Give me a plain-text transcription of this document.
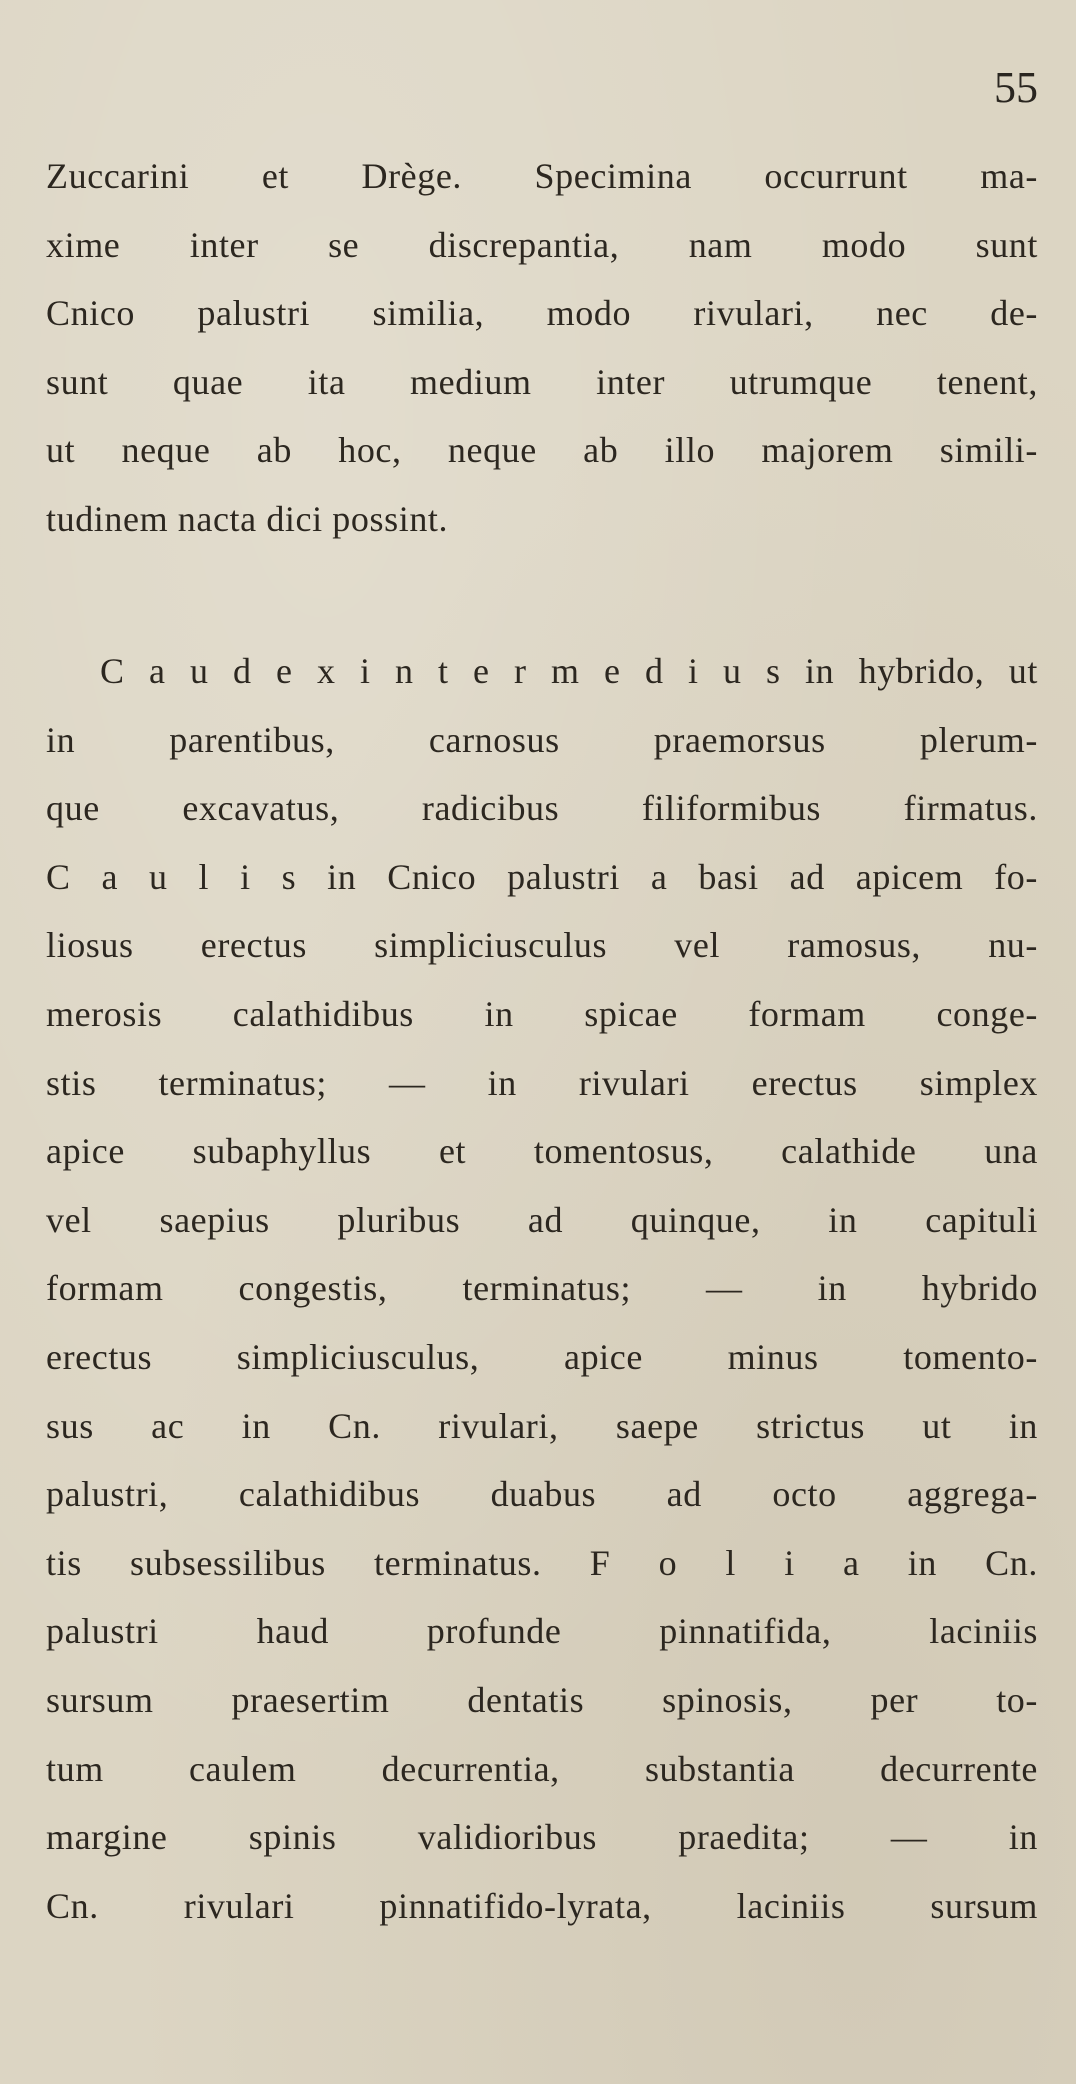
55
Zuccarini et Drège. Specimina occurrunt ma-
xime inter se discrepantia, nam modo sunt
Cnico palustri similia, modo rivulari, nec de-
sunt quae ita medium inter utrumque tenent,
ut neque ab hoc, neque ab illo majorem simili-
tudinem nacta dici possint.
C a u d e x i n t e r m e d i u s in hybrido, ut
in parentibus, carnosus praemorsus plerum-
que excavatus, radicibus filiformibus firmatus.
C a u l i s in Cnico palustri a basi ad apicem fo-
liosus erectus simpliciusculus vel ramosus, nu-
merosis calathidibus in spicae formam conge-
stis terminatus; — in rivulari erectus simplex
apice subaphyllus et tomentosus, calathide una
vel saepius pluribus ad quinque, in capituli
formam congestis, terminatus; — in hybrido
erectus simpliciusculus, apice minus tomento-
sus ac in Cn. rivulari, saepe strictus ut in
palustri, calathidibus duabus ad octo aggrega-
tis subsessilibus terminatus. F o l i a in Cn.
palustri haud profunde pinnatifida, laciniis
sursum praesertim dentatis spinosis, per to-
tum caulem decurrentia, substantia decurrente
margine spinis validioribus praedita; — in
Cn. rivulari pinnatifido-lyrata, laciniis sursum
